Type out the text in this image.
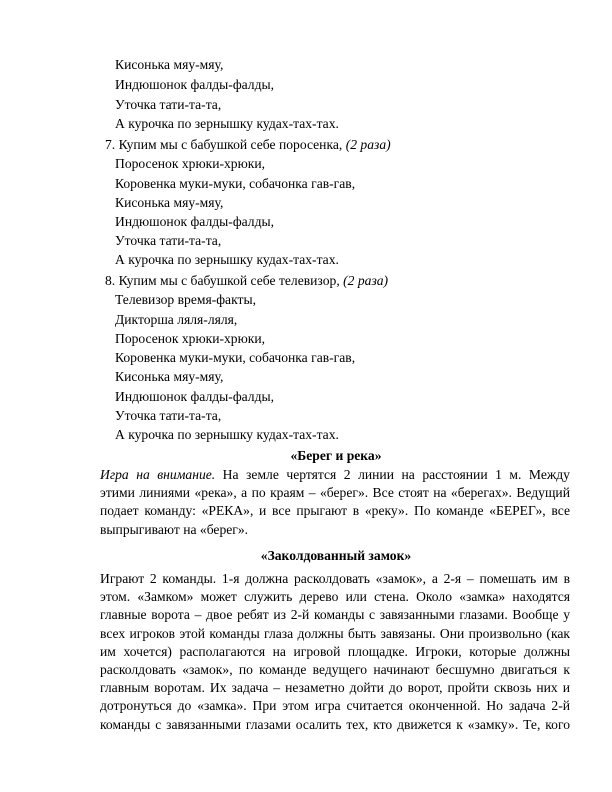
Кисонька мяу-мяу,
Индюшонок фалды-фалды,
Уточка тати-та-та,
А курочка по зернышку кудах-тах-тах.
7. Купим мы с бабушкой себе поросенка, (2 раза)
Поросенок хрюки-хрюки,
Коровенка муки-муки, собачонка гав-гав,
Кисонька мяу-мяу,
Индюшонок фалды-фалды,
Уточка тати-та-та,
А курочка по зернышку кудах-тах-тах.
8. Купим мы с бабушкой себе телевизор, (2 раза)
Телевизор время-факты,
Дикторша ляля-ляля,
Поросенок хрюки-хрюки,
Коровенка муки-муки, собачонка гав-гав,
Кисонька мяу-мяу,
Индюшонок фалды-фалды,
Уточка тати-та-та,
А курочка по зернышку кудах-тах-тах.
«Берег и река»
Игра на внимание. На земле чертятся 2 линии на расстоянии 1 м. Между
этими линиями «река», а по краям – «берег». Все стоят на «берегах». Ведущий
подает команду: «РЕКА», и все прыгают в «реку». По команде «БЕРЕГ», все
выпрыгивают на «берег».
«Заколдованный замок»
Играют 2 команды. 1-я должна расколдовать «замок», а 2-я – помешать им в
этом. «Замком» может служить дерево или стена. Около «замка» находятся
главные ворота – двое ребят из 2-й команды с завязанными глазами. Вообще у
всех игроков этой команды глаза должны быть завязаны. Они произвольно (как
им хочется) располагаются на игровой площадке. Игроки, которые должны
расколдовать «замок», по команде ведущего начинают бесшумно двигаться к
главным воротам. Их задача – незаметно дойти до ворот, пройти сквозь них и
дотронуться до «замка». При этом игра считается оконченной. Но задача 2-й
команды с завязанными глазами осалить тех, кто движется к «замку». Те, кого
